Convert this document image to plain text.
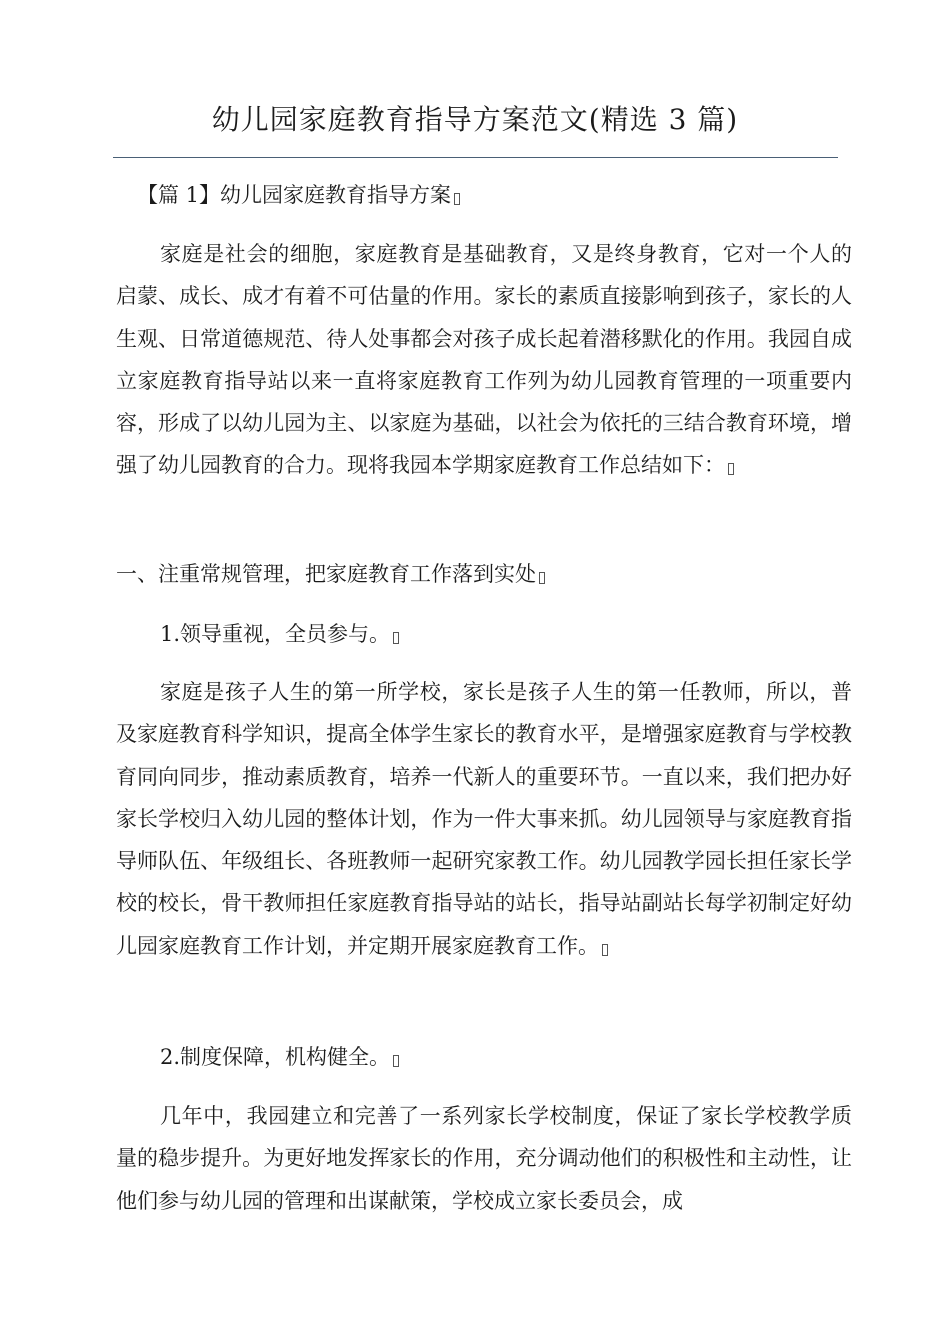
幼儿园家庭教育指导方案范文(精选 3 篇)
【篇 1】幼儿园家庭教育指导方案
家庭是社会的细胞，家庭教育是基础教育，又是终身教育，它对一个人的启蒙、成长、成才有着不可估量的作用。家长的素质直接影响到孩子，家长的人生观、日常道德规范、待人处事都会对孩子成长起着潜移默化的作用。我园自成立家庭教育指导站以来一直将家庭教育工作列为幼儿园教育管理的一项重要内容，形成了以幼儿园为主、以家庭为基础，以社会为依托的三结合教育环境，增强了幼儿园教育的合力。现将我园本学期家庭教育工作总结如下：
一、注重常规管理，把家庭教育工作落到实处
1.领导重视，全员参与。
家庭是孩子人生的第一所学校，家长是孩子人生的第一任教师，所以，普及家庭教育科学知识，提高全体学生家长的教育水平，是增强家庭教育与学校教育同向同步，推动素质教育，培养一代新人的重要环节。一直以来，我们把办好家长学校归入幼儿园的整体计划，作为一件大事来抓。幼儿园领导与家庭教育指导师队伍、年级组长、各班教师一起研究家教工作。幼儿园教学园长担任家长学校的校长，骨干教师担任家庭教育指导站的站长，指导站副站长每学初制定好幼儿园家庭教育工作计划，并定期开展家庭教育工作。
2.制度保障，机构健全。
几年中，我园建立和完善了一系列家长学校制度，保证了家长学校教学质量的稳步提升。为更好地发挥家长的作用，充分调动他们的积极性和主动性，让他们参与幼儿园的管理和出谋献策，学校成立家长委员会，成
